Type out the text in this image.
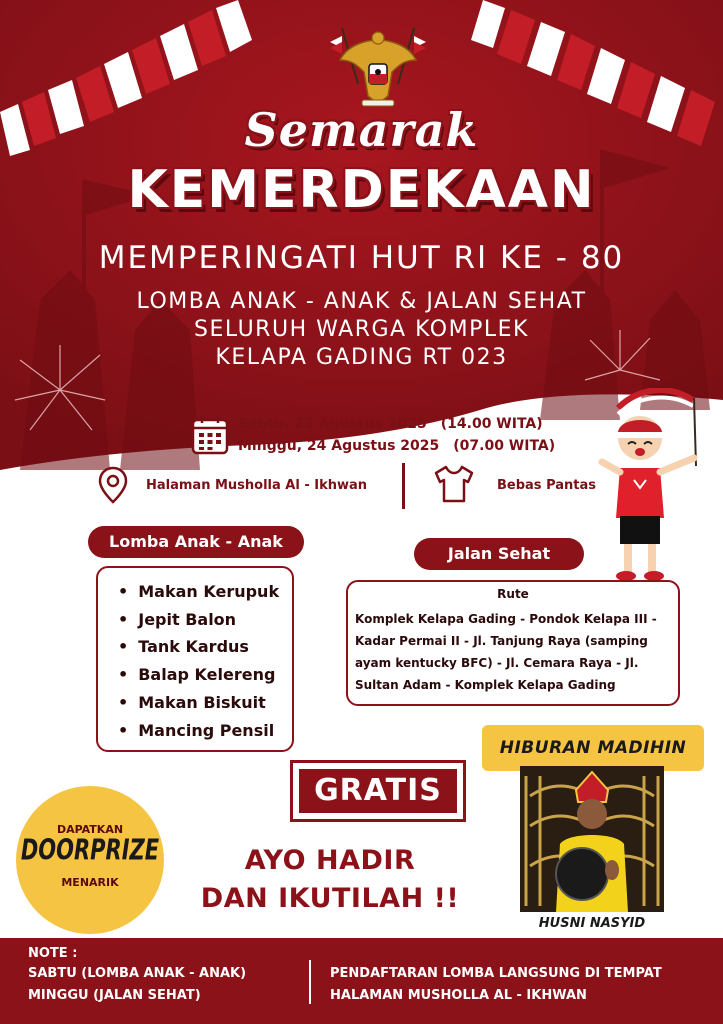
Semarak
KEMERDEKAAN
MEMPERINGATI HUT RI KE - 80
LOMBA ANAK - ANAK & JALAN SEHAT
SELURUH WARGA KOMPLEK
KELAPA GADING RT 023
Sabtu, 23 Agustus 2025 (14.00 WITA)
Minggu, 24 Agustus 2025 (07.00 WITA)
Halaman Musholla Al - Ikhwan	Bebas Pantas
Lomba Anak - Anak
• Makan Kerupuk
• Jepit Balon
• Tank Kardus
• Balap Kelereng
• Makan Biskuit
• Mancing Pensil
Jalan Sehat
Rute
Komplek Kelapa Gading - Pondok Kelapa III - Kadar Permai II - Jl. Tanjung Raya (samping ayam kentucky BFC) - Jl. Cemara Raya - Jl. Sultan Adam - Komplek Kelapa Gading
HIBURAN MADIHIN
HUSNI NASYID
GRATIS
AYO HADIR
DAN IKUTILAH !!
DAPATKAN
DOORPRIZE
MENARIK
NOTE :
SABTU (LOMBA ANAK - ANAK)
MINGGU (JALAN SEHAT)
PENDAFTARAN LOMBA LANGSUNG DI TEMPAT
HALAMAN MUSHOLLA AL - IKHWAN
